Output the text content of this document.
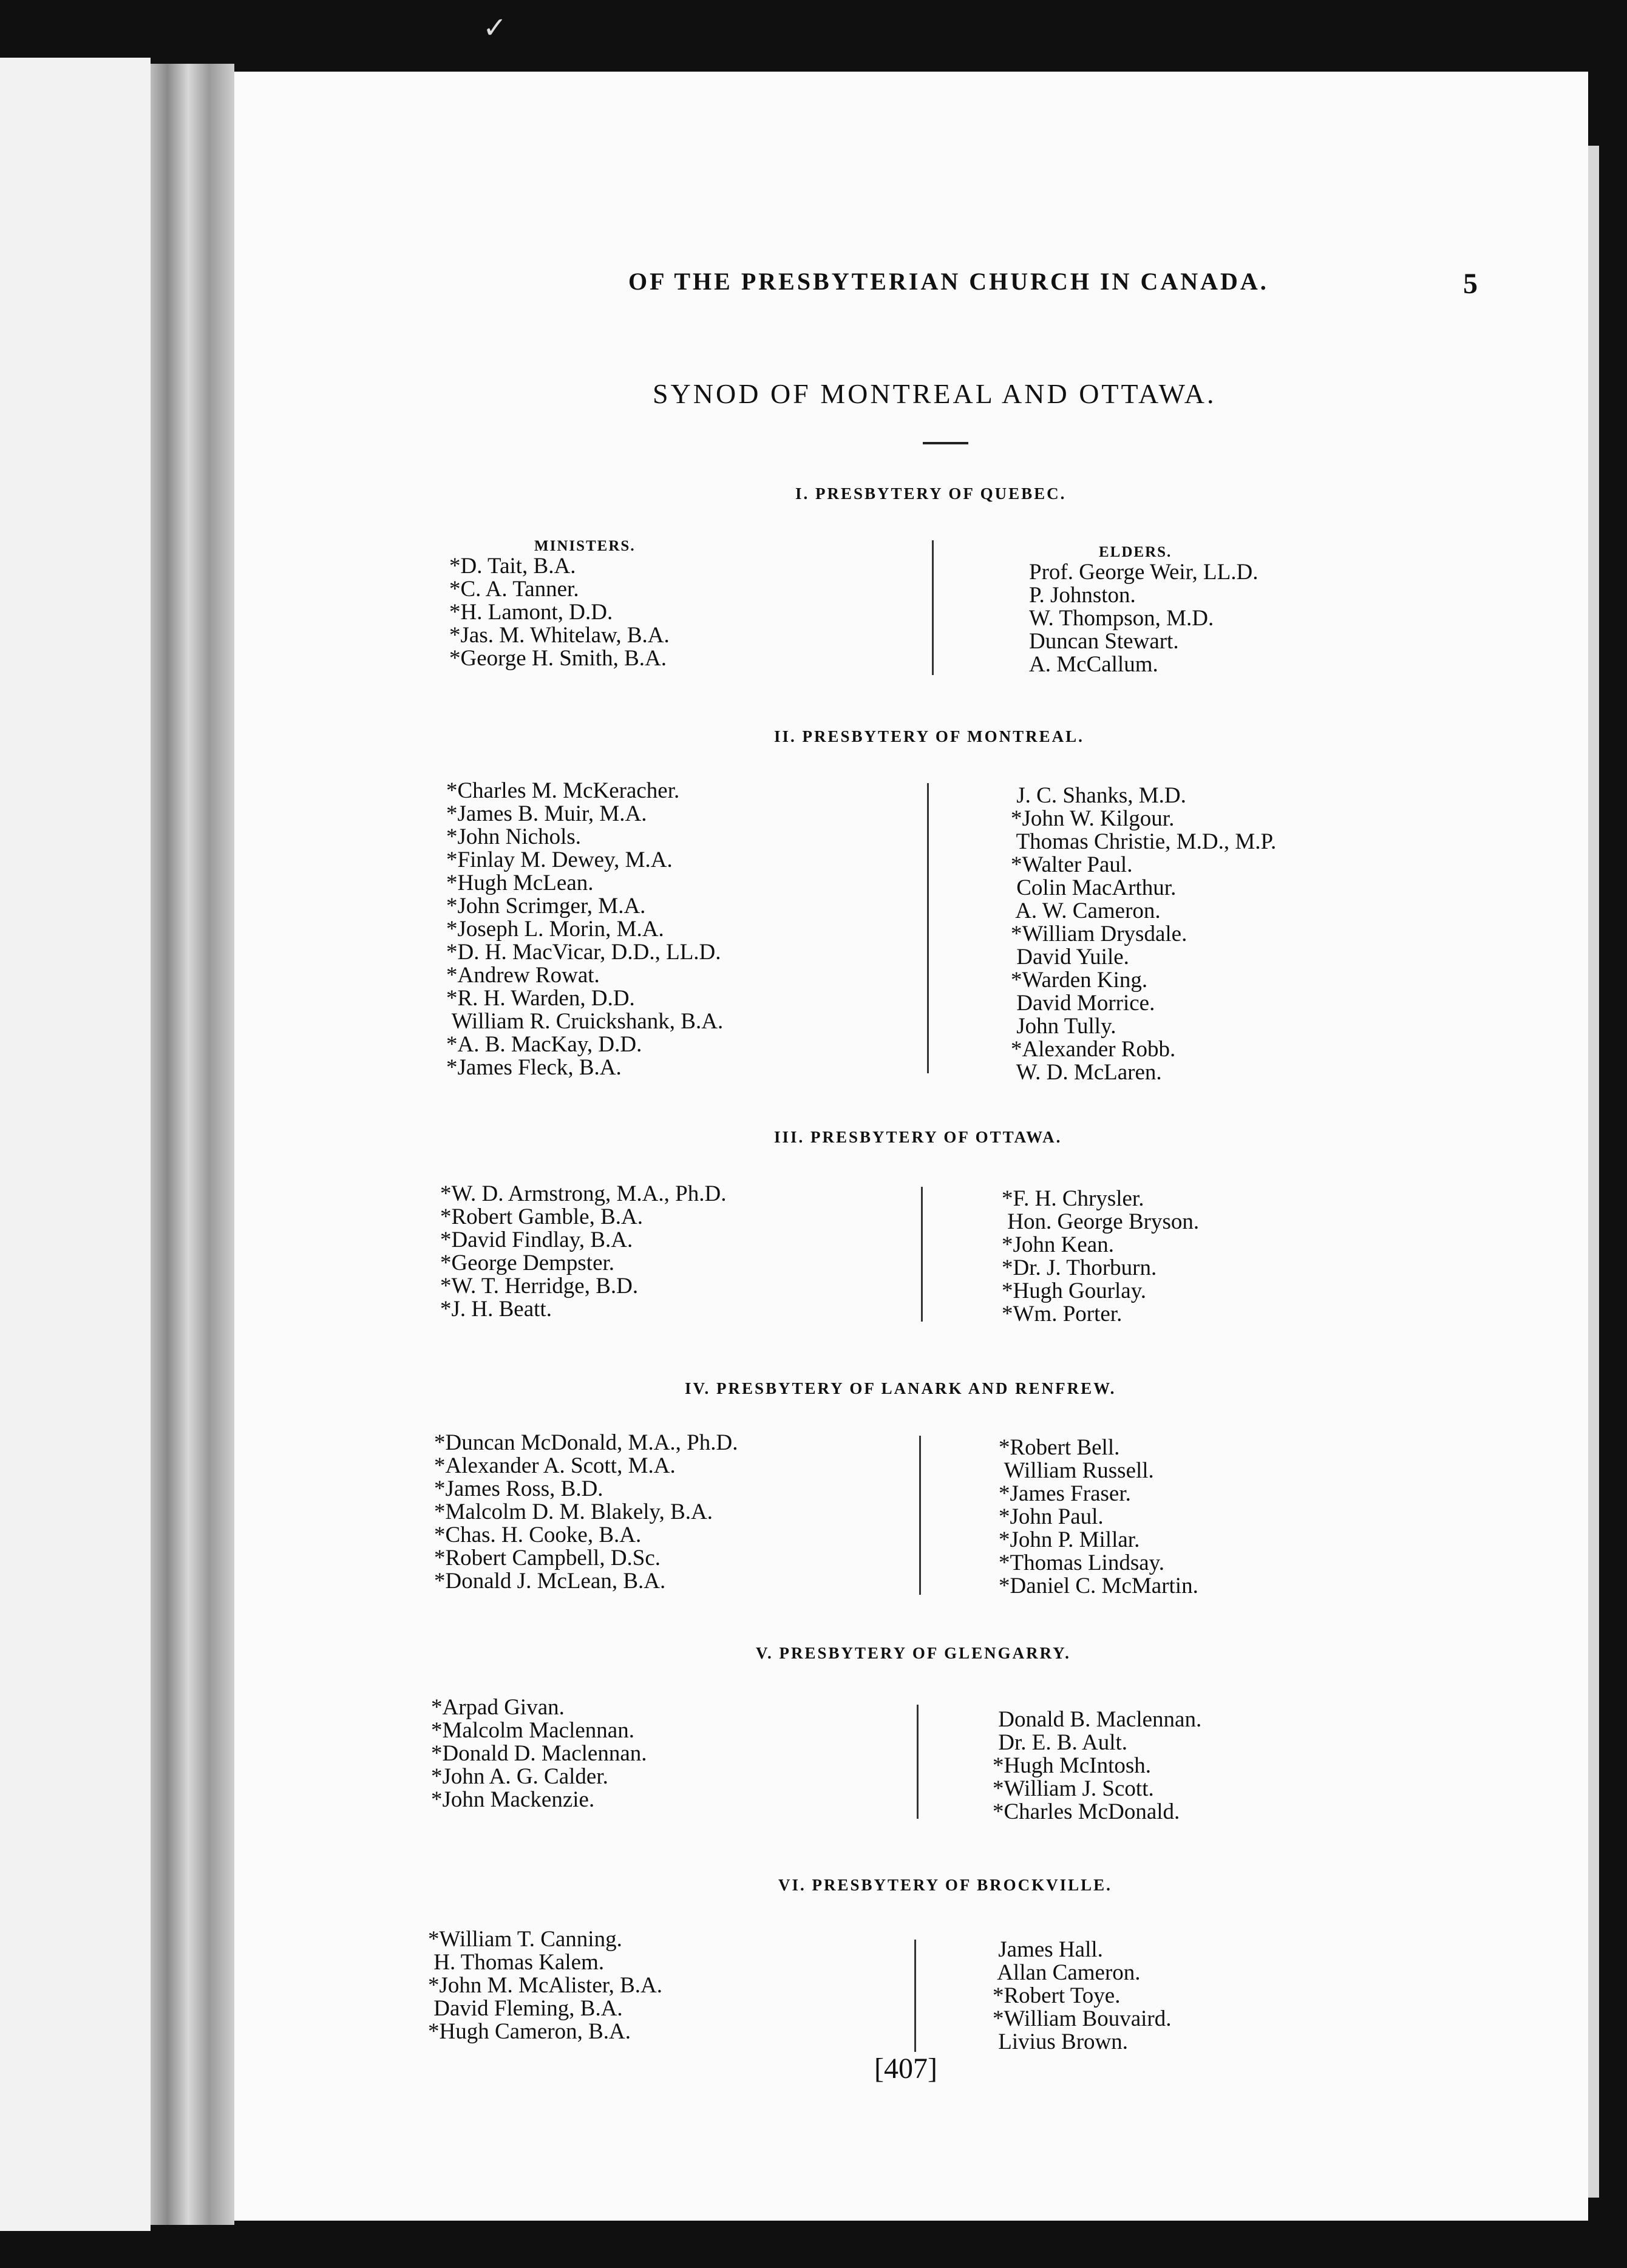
✓
OF THE PRESBYTERIAN CHURCH IN CANADA.	5
SYNOD OF MONTREAL AND OTTAWA.
I. PRESBYTERY OF QUEBEC.
MINISTERS.	ELDERS.
*D. Tait, B.A.
*C. A. Tanner.
*H. Lamont, D.D.
*Jas. M. Whitelaw, B.A.
*George H. Smith, B.A.
Prof. George Weir, LL.D.
P. Johnston.
W. Thompson, M.D.
Duncan Stewart.
A. McCallum.
II. PRESBYTERY OF MONTREAL.
*Charles M. McKeracher.
*James B. Muir, M.A.
*John Nichols.
*Finlay M. Dewey, M.A.
*Hugh McLean.
*John Scrimger, M.A.
*Joseph L. Morin, M.A.
*D. H. MacVicar, D.D., LL.D.
*Andrew Rowat.
*R. H. Warden, D.D.
William R. Cruickshank, B.A.
*A. B. MacKay, D.D.
*James Fleck, B.A.
J. C. Shanks, M.D.
*John W. Kilgour.
Thomas Christie, M.D., M.P.
*Walter Paul.
Colin MacArthur.
A. W. Cameron.
*William Drysdale.
David Yuile.
*Warden King.
David Morrice.
John Tully.
*Alexander Robb.
W. D. McLaren.
III. PRESBYTERY OF OTTAWA.
*W. D. Armstrong, M.A., Ph.D.
*Robert Gamble, B.A.
*David Findlay, B.A.
*George Dempster.
*W. T. Herridge, B.D.
*J. H. Beatt.
*F. H. Chrysler.
Hon. George Bryson.
*John Kean.
*Dr. J. Thorburn.
*Hugh Gourlay.
*Wm. Porter.
IV. PRESBYTERY OF LANARK AND RENFREW.
*Duncan McDonald, M.A., Ph.D.
*Alexander A. Scott, M.A.
*James Ross, B.D.
*Malcolm D. M. Blakely, B.A.
*Chas. H. Cooke, B.A.
*Robert Campbell, D.Sc.
*Donald J. McLean, B.A.
*Robert Bell.
William Russell.
*James Fraser.
*John Paul.
*John P. Millar.
*Thomas Lindsay.
*Daniel C. McMartin.
V. PRESBYTERY OF GLENGARRY.
*Arpad Givan.
*Malcolm Maclennan.
*Donald D. Maclennan.
*John A. G. Calder.
*John Mackenzie.
Donald B. Maclennan.
Dr. E. B. Ault.
*Hugh McIntosh.
*William J. Scott.
*Charles McDonald.
VI. PRESBYTERY OF BROCKVILLE.
*William T. Canning.
H. Thomas Kalem.
*John M. McAlister, B.A.
David Fleming, B.A.
*Hugh Cameron, B.A.
James Hall.
Allan Cameron.
*Robert Toye.
*William Bouvaird.
Livius Brown.
[407]
